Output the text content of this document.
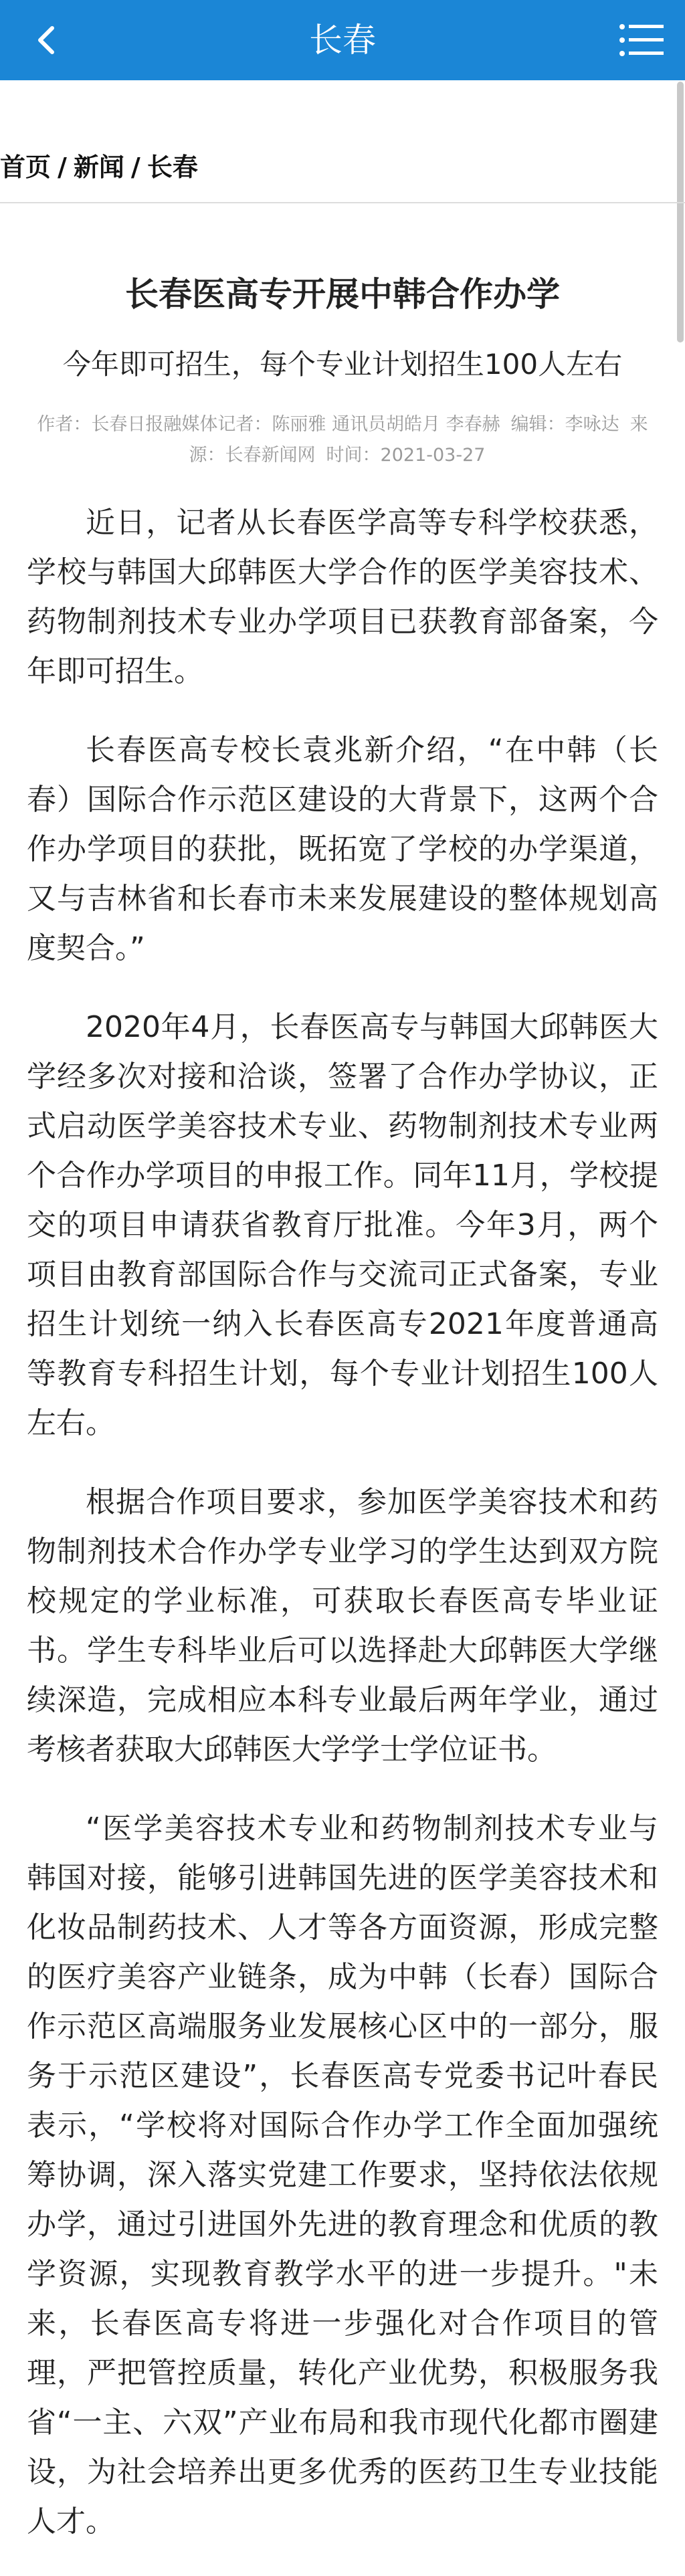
长春
首页 / 新闻 / 长春
长春医高专开展中韩合作办学
今年即可招生，每个专业计划招生100人左右
作者：长春日报融媒体记者：陈丽雅 通讯员胡皓月 李春赫 编辑：李咏达 来源：长春新闻网 时间：2021-03-27

近日，记者从长春医学高等专科学校获悉，学校与韩国大邱韩医大学合作的医学美容技术、药物制剂技术专业办学项目已获教育部备案，今年即可招生。

长春医高专校长袁兆新介绍，“在中韩（长春）国际合作示范区建设的大背景下，这两个合作办学项目的获批，既拓宽了学校的办学渠道，又与吉林省和长春市未来发展建设的整体规划高度契合。”

2020年4月，长春医高专与韩国大邱韩医大学经多次对接和洽谈，签署了合作办学协议，正式启动医学美容技术专业、药物制剂技术专业两个合作办学项目的申报工作。同年11月，学校提交的项目申请获省教育厅批准。今年3月，两个项目由教育部国际合作与交流司正式备案，专业招生计划统一纳入长春医高专2021年度普通高等教育专科招生计划，每个专业计划招生100人左右。

根据合作项目要求，参加医学美容技术和药物制剂技术合作办学专业学习的学生达到双方院校规定的学业标准，可获取长春医高专毕业证书。学生专科毕业后可以选择赴大邱韩医大学继续深造，完成相应本科专业最后两年学业，通过考核者获取大邱韩医大学学士学位证书。

“医学美容技术专业和药物制剂技术专业与韩国对接，能够引进韩国先进的医学美容技术和化妆品制药技术、人才等各方面资源，形成完整的医疗美容产业链条，成为中韩（长春）国际合作示范区高端服务业发展核心区中的一部分，服务于示范区建设”，长春医高专党委书记叶春民表示，“学校将对国际合作办学工作全面加强统筹协调，深入落实党建工作要求，坚持依法依规办学，通过引进国外先进的教育理念和优质的教学资源，实现教育教学水平的进一步提升。"未来，长春医高专将进一步强化对合作项目的管理，严把管控质量，转化产业优势，积极服务我省“一主、六双”产业布局和我市现代化都市圈建设，为社会培养出更多优秀的医药卫生专业技能人才。
